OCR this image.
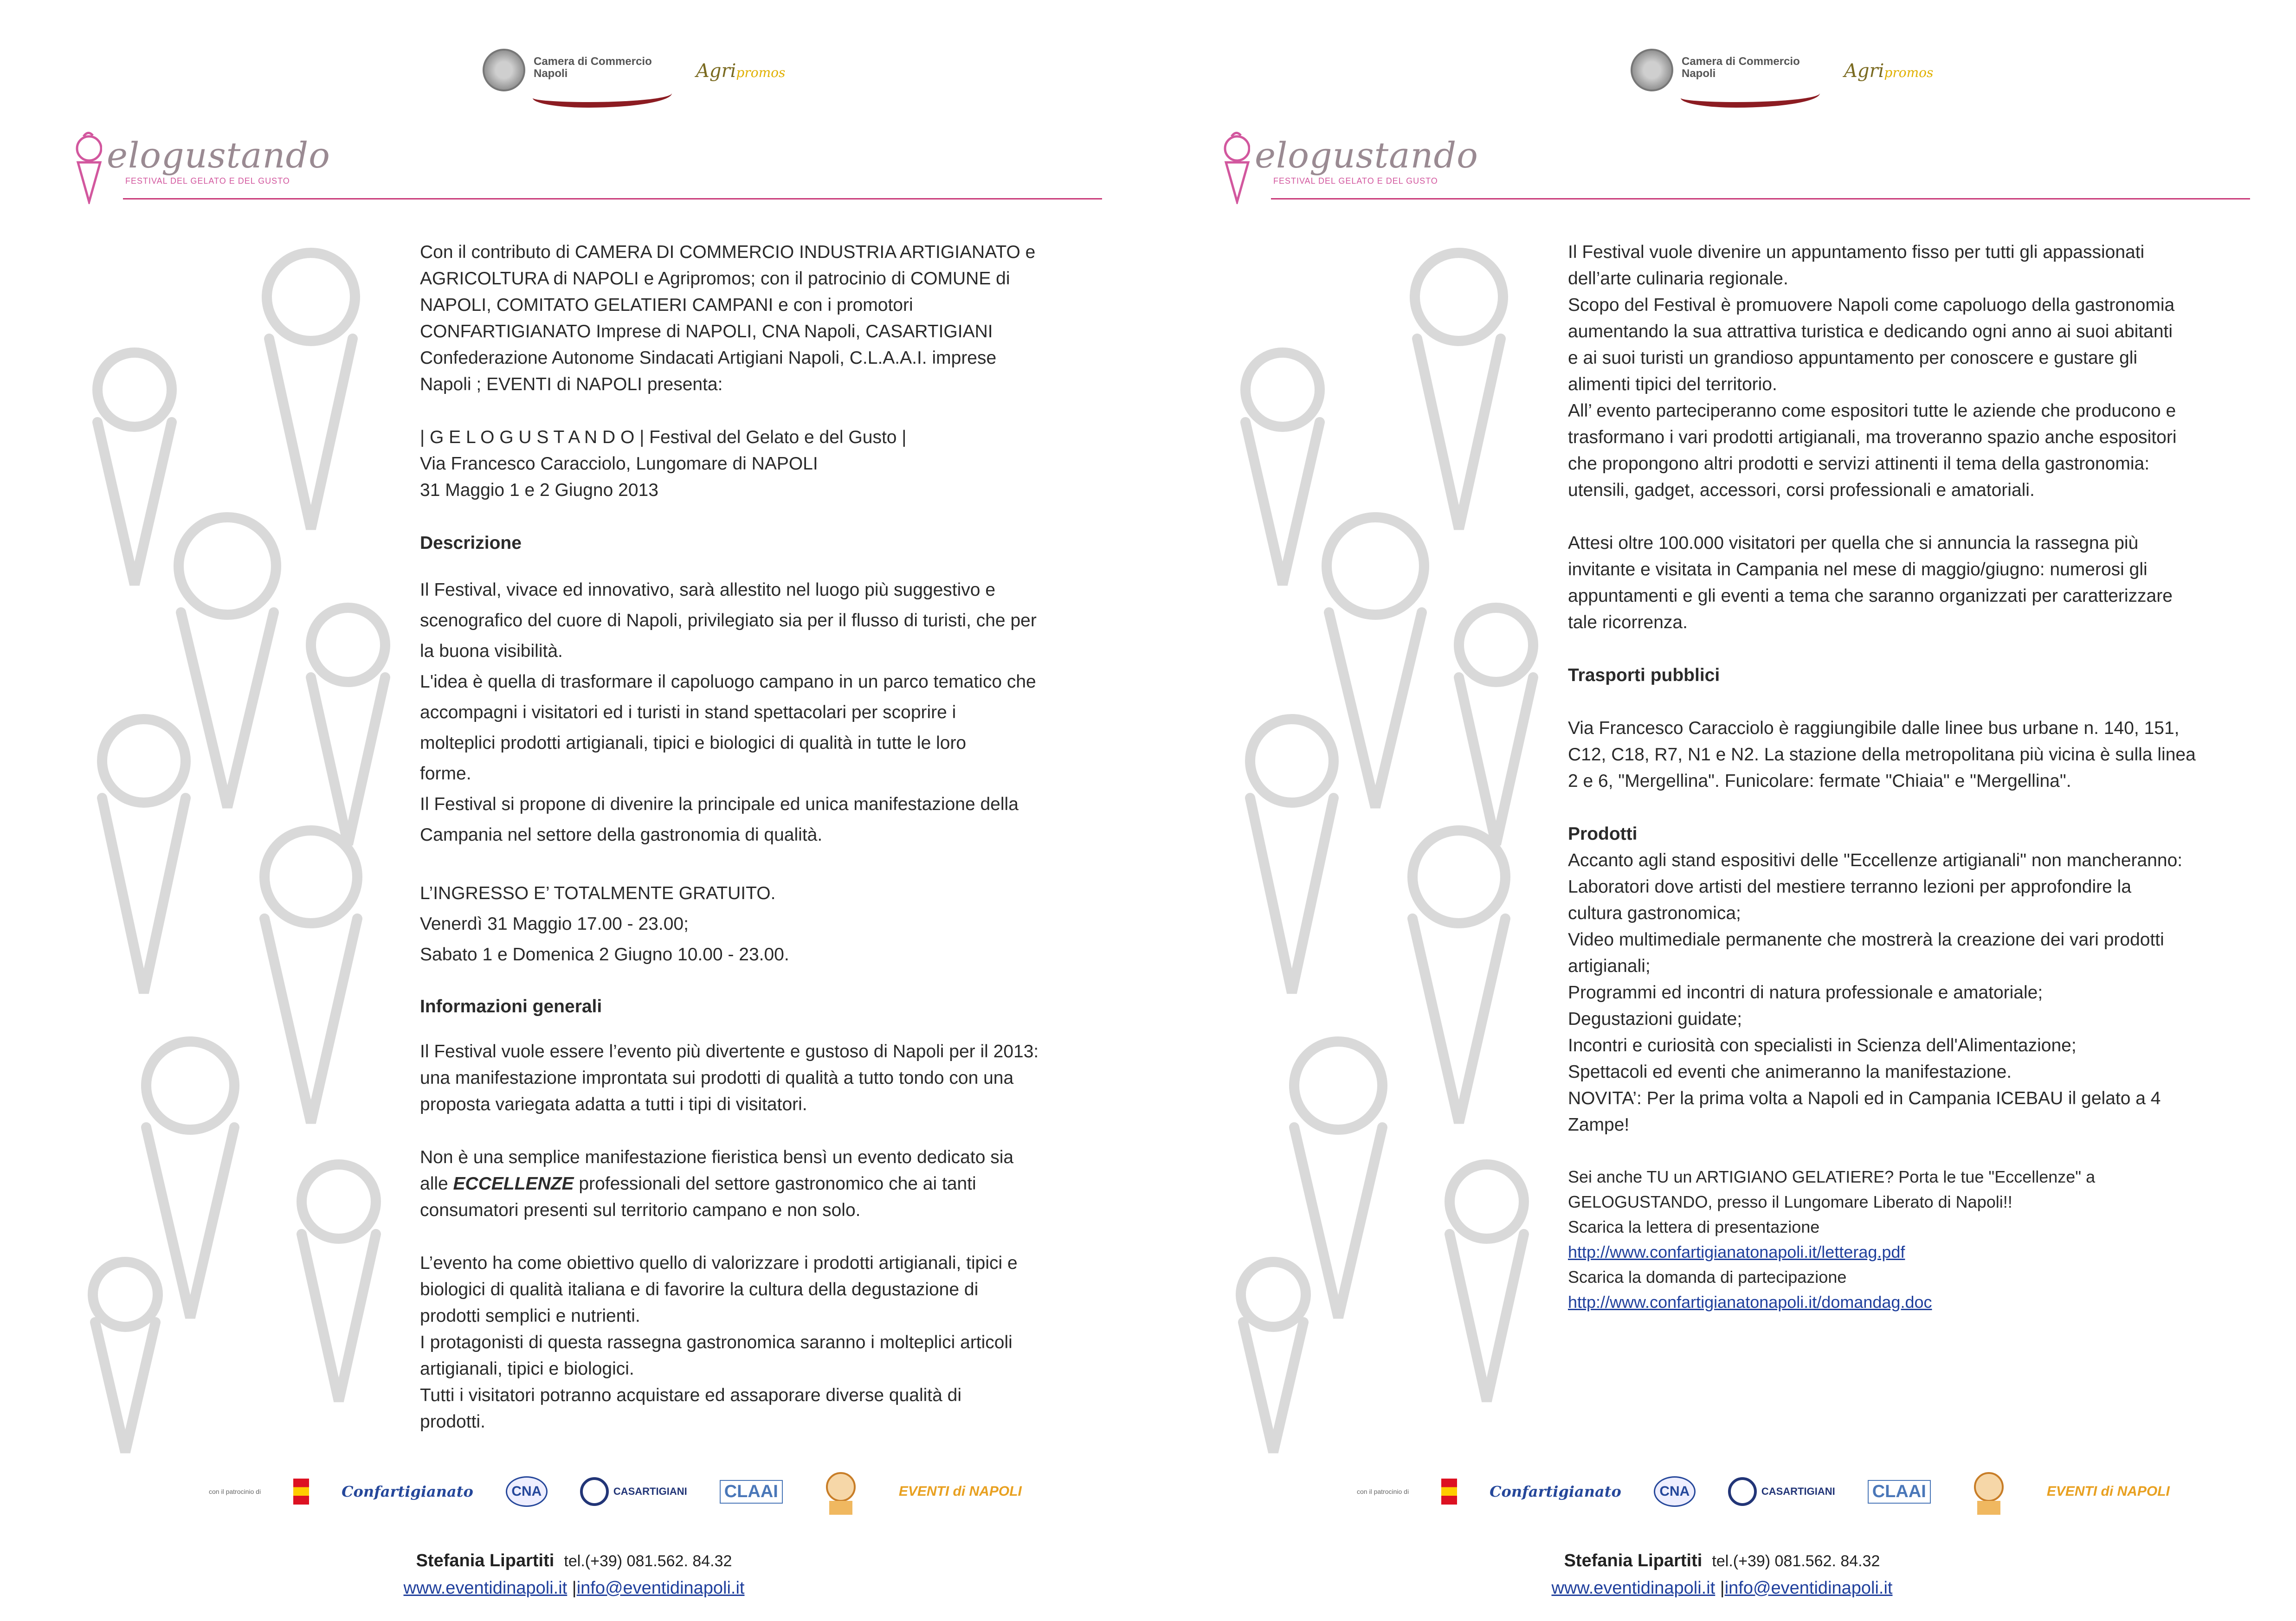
Camera di Commercio
Napoli	Agripromos
elogustando
FESTIVAL DEL GELATO E DEL GUSTO

Con il contributo di CAMERA DI COMMERCIO INDUSTRIA ARTIGIANATO e

AGRICOLTURA di NAPOLI e Agripromos; con il patrocinio di COMUNE di

NAPOLI, COMITATO GELATIERI CAMPANI e con i promotori

CONFARTIGIANATO Imprese di NAPOLI, CNA Napoli, CASARTIGIANI

Confederazione Autonome Sindacati Artigiani Napoli, C.L.A.A.I. imprese

Napoli ; EVENTI di NAPOLI presenta:

| G E L O G U S T A N D O | Festival del Gelato e del Gusto |

Via Francesco Caracciolo, Lungomare di NAPOLI

31 Maggio 1 e 2 Giugno 2013

Descrizione

Il Festival, vivace ed innovativo, sarà allestito nel luogo più suggestivo e

scenografico del cuore di Napoli, privilegiato sia per il flusso di turisti, che per

la buona visibilità.

L'idea è quella di trasformare il capoluogo campano in un parco tematico che

accompagni i visitatori ed i turisti in stand spettacolari per scoprire i

molteplici prodotti artigianali, tipici e biologici di qualità in tutte le loro

forme.

Il Festival si propone di divenire la principale ed unica manifestazione della

Campania nel settore della gastronomia di qualità.

L’INGRESSO E’ TOTALMENTE GRATUITO.

Venerdì 31 Maggio 17.00 - 23.00;

Sabato 1 e Domenica 2 Giugno 10.00 - 23.00.

Informazioni generali

Il Festival vuole essere l’evento più divertente e gustoso di Napoli per il 2013:

una manifestazione improntata sui prodotti di qualità a tutto tondo con una

proposta variegata adatta a tutti i tipi di visitatori.

Non è una semplice manifestazione fieristica bensì un evento dedicato sia

alle ECCELLENZE professionali del settore gastronomico che ai tanti

consumatori presenti sul territorio campano e non solo.

L’evento ha come obiettivo quello di valorizzare i prodotti artigianali, tipici e

biologici di qualità italiana e di favorire la cultura della degustazione di

prodotti semplici e nutrienti.

I protagonisti di questa rassegna gastronomica saranno i molteplici articoli

artigianali, tipici e biologici.

Tutti i visitatori potranno acquistare ed assaporare diverse qualità di

prodotti.

con il patrocinio di	Confartigianato	CNA	CASARTIGIANI CLAAI	EVENTI di NAPOLI
Stefania Lipartiti tel.(+39) 081.562. 84.32
www.eventidinapoli.it |info@eventidinapoli.it
Camera di Commercio
Napoli	Agripromos
elogustando
FESTIVAL DEL GELATO E DEL GUSTO

Il Festival vuole divenire un appuntamento fisso per tutti gli appassionati

dell’arte culinaria regionale.

Scopo del Festival è promuovere Napoli come capoluogo della gastronomia

aumentando la sua attrattiva turistica e dedicando ogni anno ai suoi abitanti

e ai suoi turisti un grandioso appuntamento per conoscere e gustare gli

alimenti tipici del territorio.

All’ evento parteciperanno come espositori tutte le aziende che producono e

trasformano i vari prodotti artigianali, ma troveranno spazio anche espositori

che propongono altri prodotti e servizi attinenti il tema della gastronomia:

utensili, gadget, accessori, corsi professionali e amatoriali.

Attesi oltre 100.000 visitatori per quella che si annuncia la rassegna più

invitante e visitata in Campania nel mese di maggio/giugno: numerosi gli

appuntamenti e gli eventi a tema che saranno organizzati per caratterizzare

tale ricorrenza.

Trasporti pubblici

Via Francesco Caracciolo è raggiungibile dalle linee bus urbane n. 140, 151,

C12, C18, R7, N1 e N2. La stazione della metropolitana più vicina è sulla linea

2 e 6, "Mergellina". Funicolare: fermate "Chiaia" e "Mergellina".

Prodotti

Accanto agli stand espositivi delle "Eccellenze artigianali" non mancheranno:

Laboratori dove artisti del mestiere terranno lezioni per approfondire la

cultura gastronomica;

Video multimediale permanente che mostrerà la creazione dei vari prodotti

artigianali;

Programmi ed incontri di natura professionale e amatoriale;

Degustazioni guidate;

Incontri e curiosità con specialisti in Scienza dell'Alimentazione;

Spettacoli ed eventi che animeranno la manifestazione.

NOVITA’: Per la prima volta a Napoli ed in Campania ICEBAU il gelato a 4

Zampe!

Sei anche TU un ARTIGIANO GELATIERE? Porta le tue "Eccellenze" a

GELOGUSTANDO, presso il Lungomare Liberato di Napoli!!

Scarica la lettera di presentazione

http://www.confartigianatonapoli.it/letterag.pdf

Scarica la domanda di partecipazione

http://www.confartigianatonapoli.it/domandag.doc

con il patrocinio di	Confartigianato	CNA	CASARTIGIANI CLAAI	EVENTI di NAPOLI
Stefania Lipartiti tel.(+39) 081.562. 84.32
www.eventidinapoli.it |info@eventidinapoli.it
